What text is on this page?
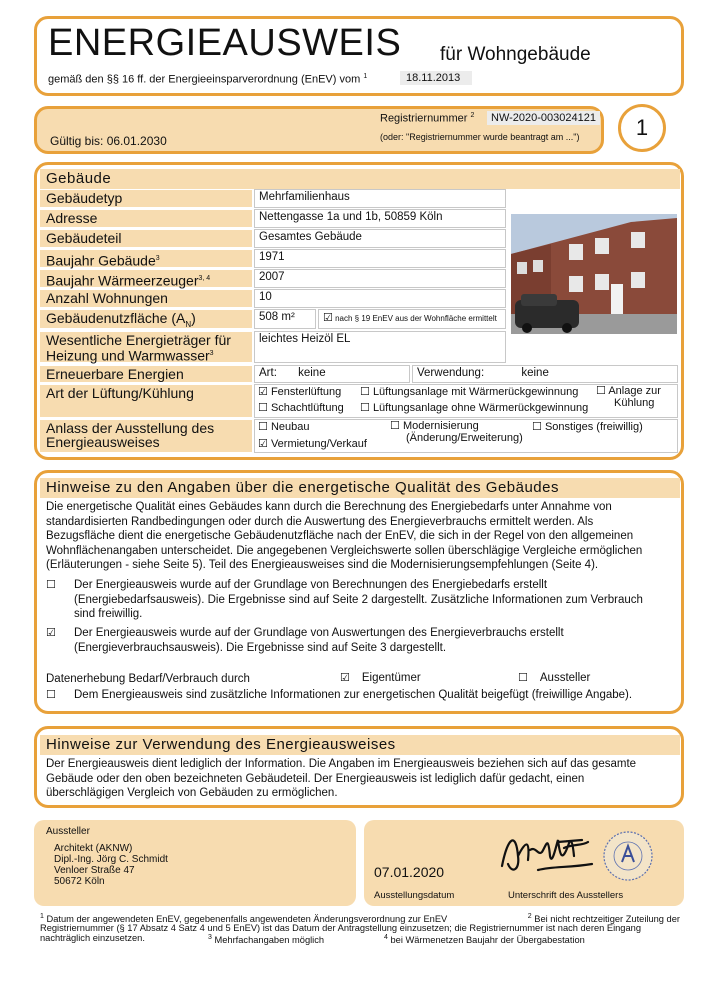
ENERGIEAUSWEIS für Wohngebäude
gemäß den §§ 16 ff. der Energieeinsparverordnung (EnEV) vom $^1$	18.11.2013
Gültig bis: 06.01.2030
Registriernummer $^2$	NW-2020-003024121
(oder: "Registriernummer wurde beantragt am ...")	1
Gebäude
Gebäudetyp	Mehrfamilienhaus
Adresse	Nettengasse 1a und 1b, 50859 Köln
Gebäudeteil	Gesamtes Gebäude
Baujahr Gebäude$^3$	1971
Baujahr Wärmeerzeuger$^{3, 4}$	2007
Anzahl Wohnungen	10
Gebäudenutzfläche $(A_N)$	508 m²	☑ nach § 19 EnEV aus der Wohnfläche ermittelt
Wesentliche Energieträger für
Heizung und Warmwasser$^3$
leichtes Heizöl EL
Erneuerbare Energien	Art: keine	Verwendung:	keine
Art der Lüftung/Kühlung	☑ Fensterlüftung ☐ Lüftungsanlage mit Wärmerückgewinnung ☐ Anlage zur
Kühlung
☐ Schachtlüftung ☐ Lüftungsanlage ohne Wärmerückgewinnung
Anlass der Ausstellung des
Energieausweises
☐ Neubau	☐ Modernisierung
(Änderung/Erweiterung)
☐ Sonstiges (freiwillig)
☑ Vermietung/Verkauf
Hinweise zu den Angaben über die energetische Qualität des Gebäudes
Die energetische Qualität eines Gebäudes kann durch die Berechnung des Energiebedarfs unter Annahme von
standardisierten Randbedingungen oder durch die Auswertung des Energieverbrauchs ermittelt werden. Als
Bezugsfläche dient die energetische Gebäudenutzfläche nach der EnEV, die sich in der Regel von den allgemeinen
Wohnflächenangaben unterscheidet. Die angegebenen Vergleichswerte sollen überschlägige Vergleiche ermöglichen
(Erläuterungen - siehe Seite 5). Teil des Energieausweises sind die Modernisierungsempfehlungen (Seite 4).
☐ Der Energieausweis wurde auf der Grundlage von Berechnungen des Energiebedarfs erstellt
(Energiebedarfsausweis). Die Ergebnisse sind auf Seite 2 dargestellt. Zusätzliche Informationen zum Verbrauch
sind freiwillig.
☑ Der Energieausweis wurde auf der Grundlage von Auswertungen des Energieverbrauchs erstellt
(Energieverbrauchsausweis). Die Ergebnisse sind auf Seite 3 dargestellt.
Datenerhebung Bedarf/Verbrauch durch	☑ Eigentümer	☐ Aussteller
☐ Dem Energieausweis sind zusätzliche Informationen zur energetischen Qualität beigefügt (freiwillige Angabe).
Hinweise zur Verwendung des Energieausweises
Der Energieausweis dient lediglich der Information. Die Angaben im Energieausweis beziehen sich auf das gesamte
Gebäude oder den oben bezeichneten Gebäudeteil. Der Energieausweis ist lediglich dafür gedacht, einen
überschlägigen Vergleich von Gebäuden zu ermöglichen.
Aussteller
Architekt (AKNW)
Dipl.-Ing. Jörg C. Schmidt
Venloer Straße 47
50672 Köln
07.01.2020
Ausstellungsdatum	Unterschrift des Ausstellers
$^1$ Datum der angewendeten EnEV, gegebenenfalls angewendeten Änderungsverordnung zur EnEV	$^2$ Bei nicht rechtzeitiger Zuteilung der
Registriernummer (§ 17 Absatz 4 Satz 4 und 5 EnEV) ist das Datum der Antragstellung einzusetzen; die Registriernummer ist nach deren Eingang
nachträglich einzusetzen.	$^3$ Mehrfachangaben möglich	$^4$ bei Wärmenetzen Baujahr der Übergabestation
